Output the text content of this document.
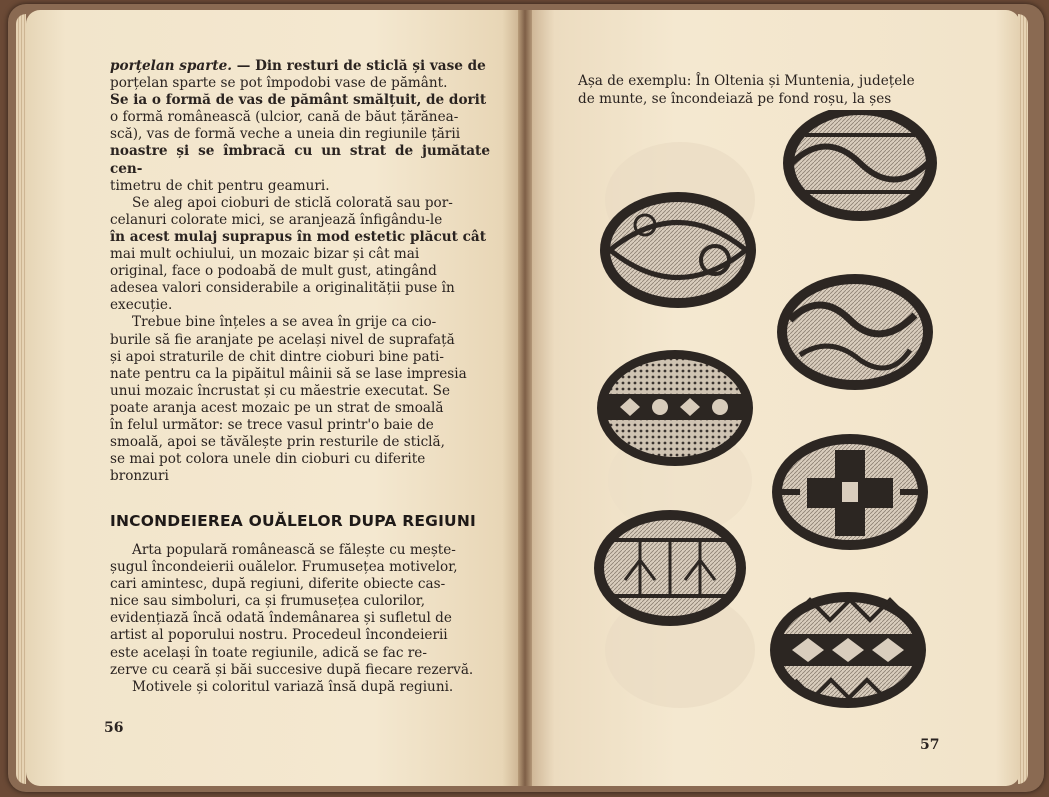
porțelan sparte. — Din resturi de sticlă și vase de
porțelan sparte se pot împodobi vase de pământ.
Se ia o formă de vas de pământ smălțuit, de dorit
o formă românească (ulcior, cană de băut țărănea-
scă), vas de formă veche a uneia din regiunile țării
noastre și se îmbracă cu un strat de jumătate cen-
timetru de chit pentru geamuri.

Se aleg apoi cioburi de sticlă colorată sau por-
celanuri colorate mici, se aranjează înfigându-le
în acest mulaj suprapus în mod estetic plăcut cât
mai mult ochiului, un mozaic bizar și cât mai
original, face o podoabă de mult gust, atingând
adesea valori considerabile a originalității puse în
execuție.

Trebue bine înțeles a se avea în grije ca cio-
burile să fie aranjate pe același nivel de suprafață
și apoi straturile de chit dintre cioburi bine pati-
nate pentru ca la pipăitul mâinii să se lase impresia
unui mozaic încrustat și cu măestrie executat. Se
poate aranja acest mozaic pe un strat de smoală
în felul următor: se trece vasul printr'o baie de
smoală, apoi se tăvălește prin resturile de sticlă,
se mai pot colora unele din cioburi cu diferite
bronzuri

INCONDEIEREA OUĂLELOR DUPA REGIUNI

Arta populară românească se fălește cu mește-
șugul încondeierii ouălelor. Frumusețea motivelor,
cari amintesc, după regiuni, diferite obiecte cas-
nice sau simboluri, ca și frumusețea culorilor,
evidențiază încă odată îndemânarea și sufletul de
artist al poporului nostru. Procedeul încondeierii
este același în toate regiunile, adică se fac re-
zerve cu ceară și băi succesive după fiecare rezervă.

Motivele și coloritul variază însă după regiuni.

56
Așa de exemplu: În Oltenia și Muntenia, județele
de munte, se încondeiază pe fond roșu, la șes
57
